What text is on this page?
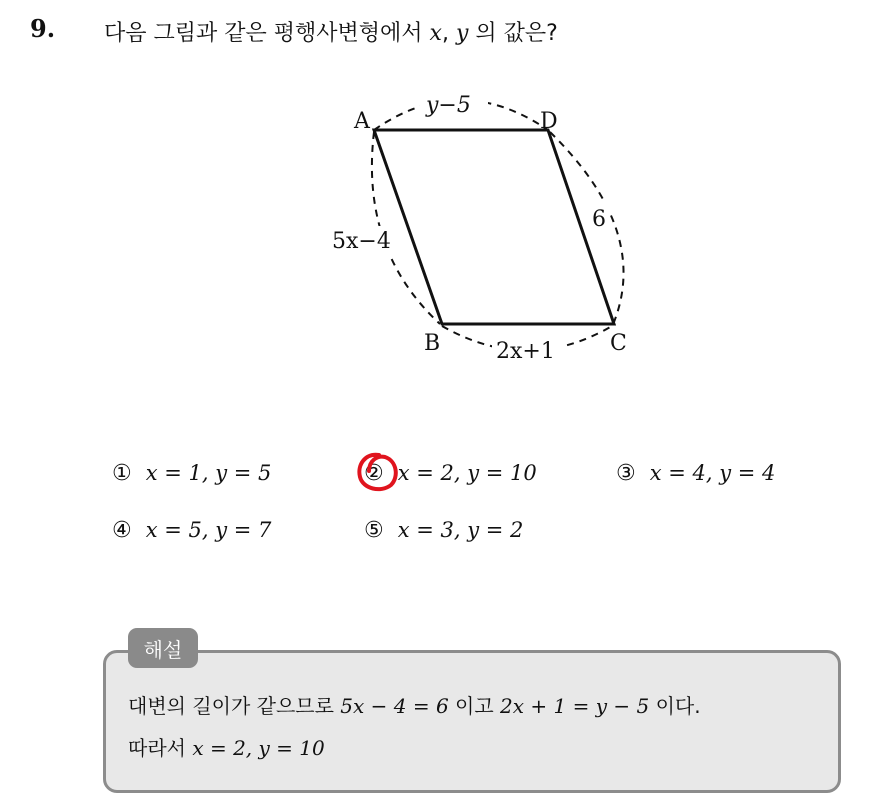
9. 다음 그림과 같은 평행사변형에서 x, y 의 값은?
A	D
B	C
y−5
5x−4
6
2x+1
① x = 1, y = 5	② x = 2, y = 10	③ x = 4, y = 4
④ x = 5, y = 7	⑤ x = 3, y = 2
해설
대변의 길이가 같으므로 5x − 4 = 6 이고 2x + 1 = y − 5 이다.
따라서 x = 2, y = 10
